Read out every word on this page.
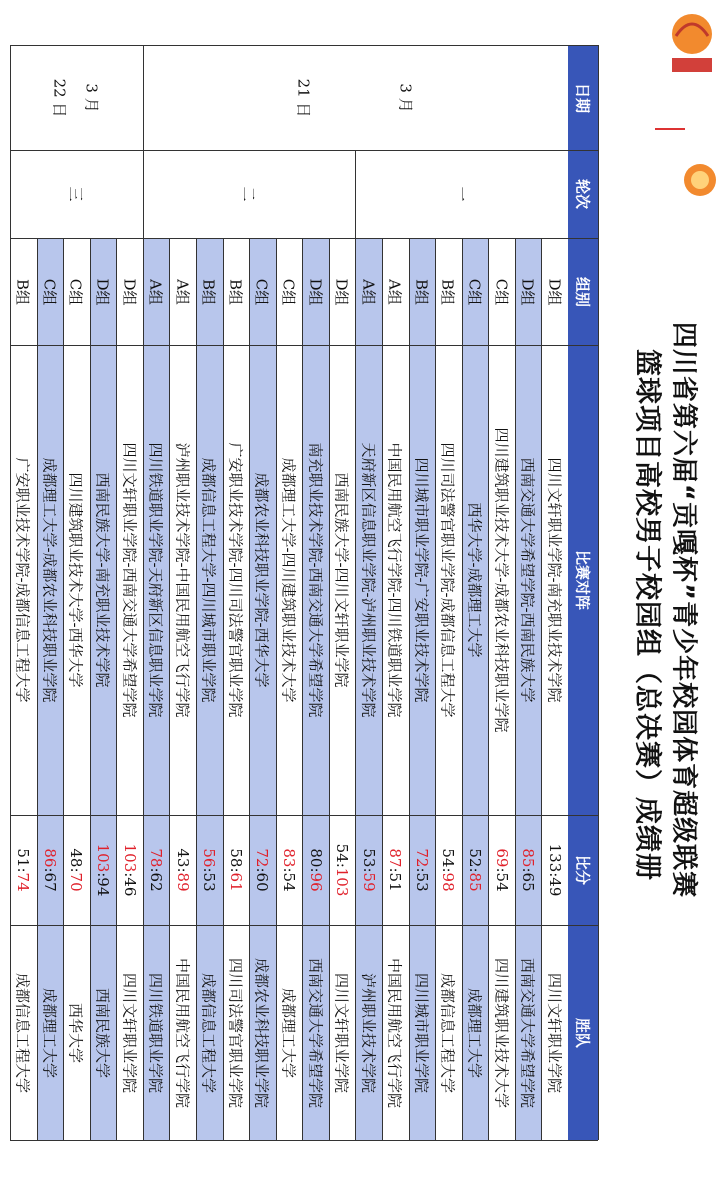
四川省第六届“贡嘎杯”青少年校园体育超级联赛
篮球项目高校男子校园组（总决赛）成绩册
日期
轮次
组别
比赛对阵
比分
胜队
D组
四川文轩职业学院-南充职业技术学院
133:49
四川文轩职业学院
D组
西南交通大学希望学院-西南民族大学
85:65
西南交通大学希望学院
C组
四川建筑职业技术大学-成都农业科技职业学院
69:54
四川建筑职业技术大学
C组
西华大学-成都理工大学
52:85
成都理工大学
B组
四川司法警官职业学院-成都信息工程大学
54:98
成都信息工程大学
B组
四川城市职业学院-广安职业技术学院
72:53
四川城市职业学院
A组
中国民用航空飞行学院-四川铁道职业学院
87:51
中国民用航空飞行学院
A组
天府新区信息职业学院-泸州职业技术学院
53:59
泸州职业技术学院
D组
西南民族大学-四川文轩职业学院
54:103
四川文轩职业学院
D组
南充职业技术学院-西南交通大学希望学院
80:96
西南交通大学希望学院
C组
成都理工大学-四川建筑职业技术大学
83:54
成都理工大学
C组
成都农业科技职业学院-西华大学
72:60
成都农业科技职业学院
B组
广安职业技术学院-四川司法警官职业学院
58:61
四川司法警官职业学院
B组
成都信息工程大学-四川城市职业学院
56:53
成都信息工程大学
A组
泸州职业技术学院-中国民用航空飞行学院
43:89
中国民用航空飞行学院
A组
四川铁道职业学院-天府新区信息职业学院
78:62
四川铁道职业学院
D组
四川文轩职业学院-西南交通大学希望学院
103:46
四川文轩职业学院
D组
西南民族大学-南充职业技术学院
103:94
西南民族大学
C组
四川建筑职业技术大学-西华大学
48:70
西华大学
C组
成都理工大学-成都农业科技职业学院
86:67
成都理工大学
B组
广安职业技术学院-成都信息工程大学
51:74
成都信息工程大学
3 月
21 日
3 月
22 日
一
二
三
